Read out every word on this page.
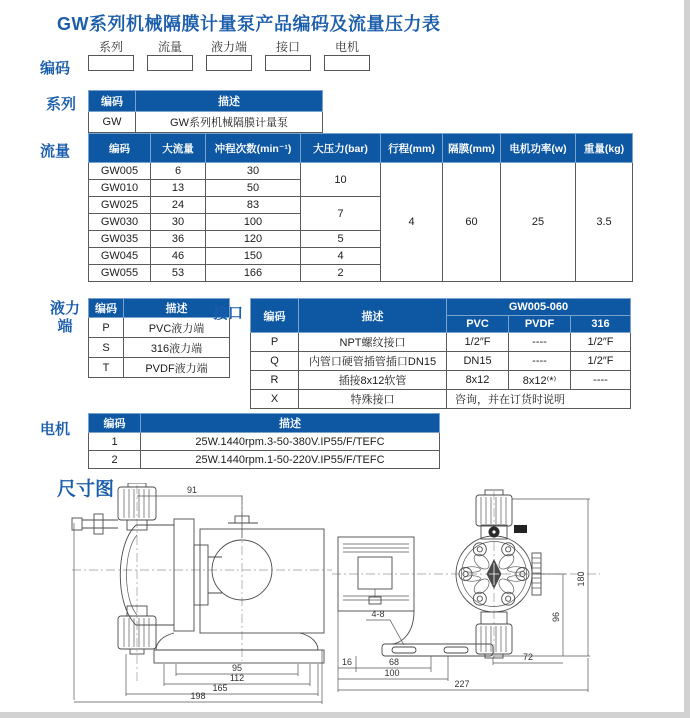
GW系列机械隔膜计量泵产品编码及流量压力表
编码
系列	流量 液力端 接口	电机
系列 编码	描述
GW	GW系列机械隔膜计量泵
流量	编码	大流量	冲程次数(min⁻¹)	大压力(bar)	行程(mm)	隔膜(mm)	电机功率(w)	重量(kg)
GW005	6	30	10	4	60	25	3.5
GW010	13	50					
GW025	24	83	7				
GW030	30	100					
GW035	36	120	5				
GW045	46	150	4				
GW055	53	166	2				
液力端
编码	描述
P	PVC液力端
S	316液力端
T	PVDF液力端
接口 编码	描述	GW005-060		
		PVC	PVDF	316
P	NPT螺纹接口	1/2″F	----	1/2″F
Q	内管口硬管插管插口DN15	DN15	----	1/2″F
R	插接8x12软管	8x12	8x12⁽*⁾	----
X	特殊接口	咨询，并在订货时说明		
电机	编码	描述
1	25W.1440rpm.3-50-380V.IP55/F/TEFC
2	25W.1440rpm.1-50-220V.IP55/F/TEFC
尺寸图	91
95
112
165
198
180
96
4-8
16	68	72
100
227
